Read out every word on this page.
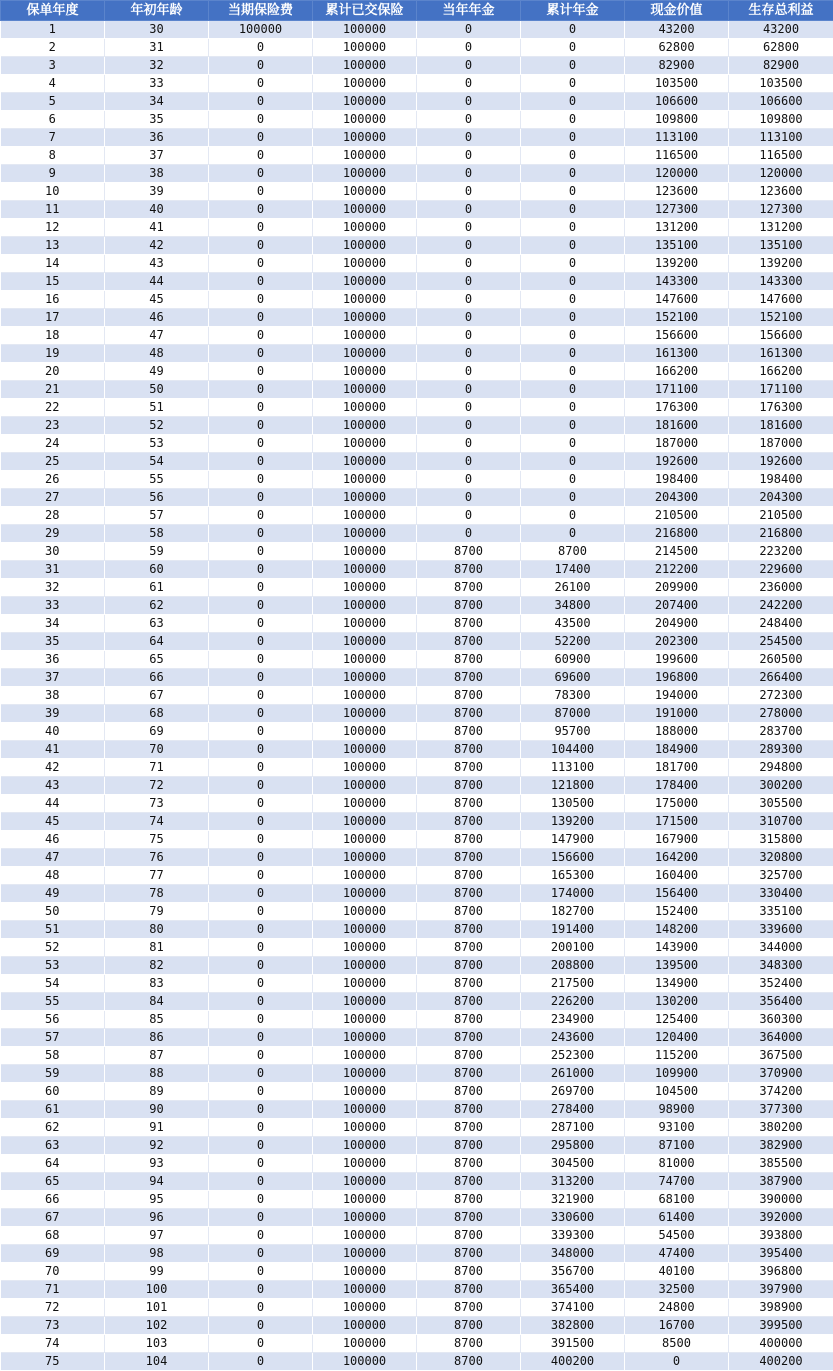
保单年度	年初年龄	当期保险费	累计已交保险	当年年金	累计年金	现金价值	生存总利益
1	30	100000	100000	0	0	43200	43200
2	31	0	100000	0	0	62800	62800
3	32	0	100000	0	0	82900	82900
4	33	0	100000	0	0	103500	103500
5	34	0	100000	0	0	106600	106600
6	35	0	100000	0	0	109800	109800
7	36	0	100000	0	0	113100	113100
8	37	0	100000	0	0	116500	116500
9	38	0	100000	0	0	120000	120000
10	39	0	100000	0	0	123600	123600
11	40	0	100000	0	0	127300	127300
12	41	0	100000	0	0	131200	131200
13	42	0	100000	0	0	135100	135100
14	43	0	100000	0	0	139200	139200
15	44	0	100000	0	0	143300	143300
16	45	0	100000	0	0	147600	147600
17	46	0	100000	0	0	152100	152100
18	47	0	100000	0	0	156600	156600
19	48	0	100000	0	0	161300	161300
20	49	0	100000	0	0	166200	166200
21	50	0	100000	0	0	171100	171100
22	51	0	100000	0	0	176300	176300
23	52	0	100000	0	0	181600	181600
24	53	0	100000	0	0	187000	187000
25	54	0	100000	0	0	192600	192600
26	55	0	100000	0	0	198400	198400
27	56	0	100000	0	0	204300	204300
28	57	0	100000	0	0	210500	210500
29	58	0	100000	0	0	216800	216800
30	59	0	100000	8700	8700	214500	223200
31	60	0	100000	8700	17400	212200	229600
32	61	0	100000	8700	26100	209900	236000
33	62	0	100000	8700	34800	207400	242200
34	63	0	100000	8700	43500	204900	248400
35	64	0	100000	8700	52200	202300	254500
36	65	0	100000	8700	60900	199600	260500
37	66	0	100000	8700	69600	196800	266400
38	67	0	100000	8700	78300	194000	272300
39	68	0	100000	8700	87000	191000	278000
40	69	0	100000	8700	95700	188000	283700
41	70	0	100000	8700	104400	184900	289300
42	71	0	100000	8700	113100	181700	294800
43	72	0	100000	8700	121800	178400	300200
44	73	0	100000	8700	130500	175000	305500
45	74	0	100000	8700	139200	171500	310700
46	75	0	100000	8700	147900	167900	315800
47	76	0	100000	8700	156600	164200	320800
48	77	0	100000	8700	165300	160400	325700
49	78	0	100000	8700	174000	156400	330400
50	79	0	100000	8700	182700	152400	335100
51	80	0	100000	8700	191400	148200	339600
52	81	0	100000	8700	200100	143900	344000
53	82	0	100000	8700	208800	139500	348300
54	83	0	100000	8700	217500	134900	352400
55	84	0	100000	8700	226200	130200	356400
56	85	0	100000	8700	234900	125400	360300
57	86	0	100000	8700	243600	120400	364000
58	87	0	100000	8700	252300	115200	367500
59	88	0	100000	8700	261000	109900	370900
60	89	0	100000	8700	269700	104500	374200
61	90	0	100000	8700	278400	98900	377300
62	91	0	100000	8700	287100	93100	380200
63	92	0	100000	8700	295800	87100	382900
64	93	0	100000	8700	304500	81000	385500
65	94	0	100000	8700	313200	74700	387900
66	95	0	100000	8700	321900	68100	390000
67	96	0	100000	8700	330600	61400	392000
68	97	0	100000	8700	339300	54500	393800
69	98	0	100000	8700	348000	47400	395400
70	99	0	100000	8700	356700	40100	396800
71	100	0	100000	8700	365400	32500	397900
72	101	0	100000	8700	374100	24800	398900
73	102	0	100000	8700	382800	16700	399500
74	103	0	100000	8700	391500	8500	400000
75	104	0	100000	8700	400200	0	400200
